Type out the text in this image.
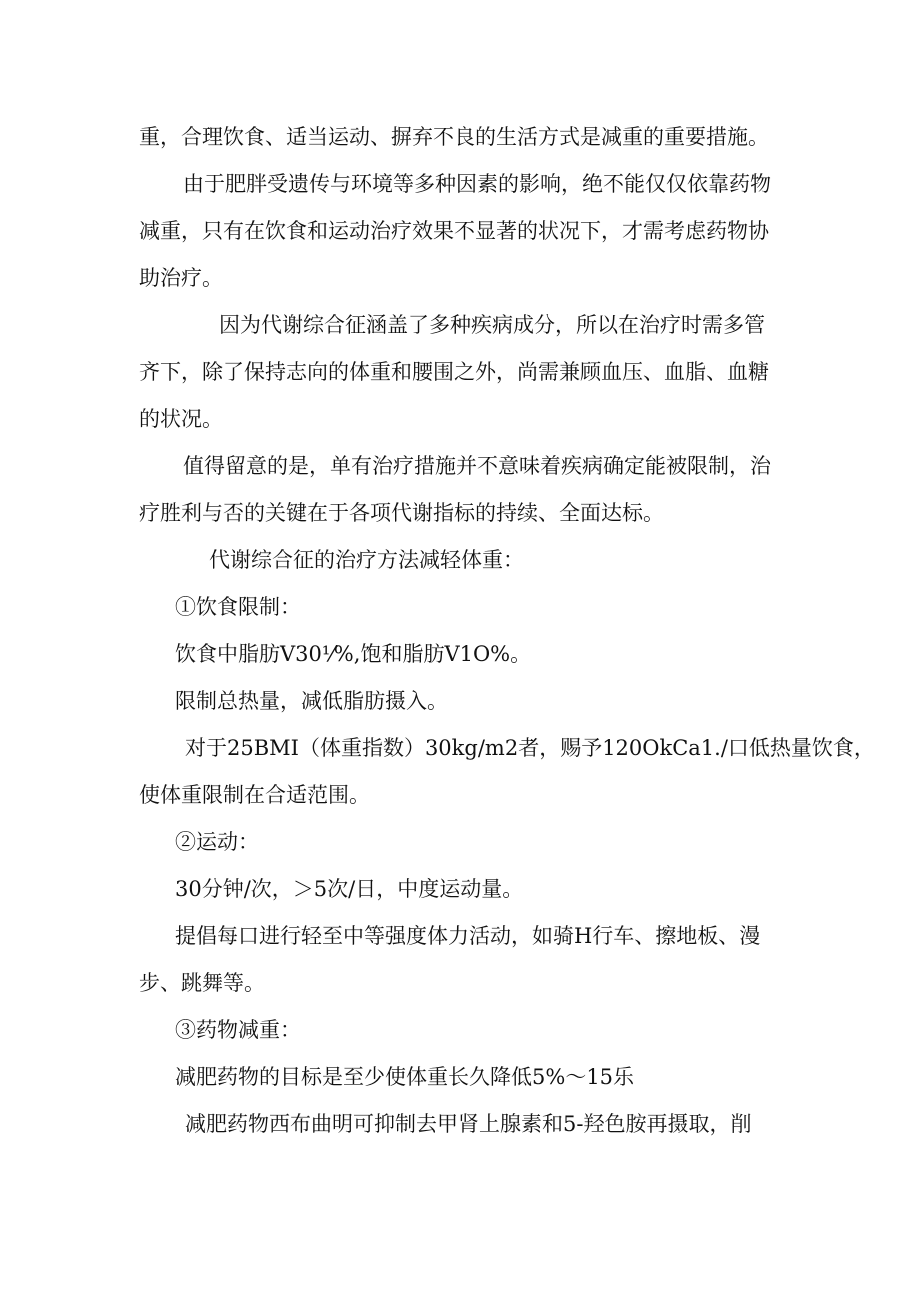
重，合理饮食、适当运动、摒弃不良的生活方式是减重的重要措施。

由于肥胖受遗传与环境等多种因素的影响，绝不能仅仅依靠药物

减重，只有在饮食和运动治疗效果不显著的状况下，才需考虑药物协

助治疗。

因为代谢综合征涵盖了多种疾病成分，所以在治疗时需多管

齐下，除了保持志向的体重和腰围之外，尚需兼顾血压、血脂、血糖

的状况。

值得留意的是，单有治疗措施并不意味着疾病确定能被限制，治

疗胜利与否的关键在于各项代谢指标的持续、全面达标。

代谢综合征的治疗方法减轻体重：

①饮食限制：

饮食中脂肪V30⅟%,饱和脂肪V1O%。

限制总热量，减低脂肪摄入。

对于25BMI（体重指数）30kg/m2者，赐予120OkCa1./口低热量饮食，

使体重限制在合适范围。

②运动：

30分钟/次，＞5次/日，中度运动量。

提倡每口进行轻至中等强度体力活动，如骑H行车、擦地板、漫

步、跳舞等。

③药物减重：

减肥药物的目标是至少使体重长久降低5%～15乐

减肥药物西布曲明可抑制去甲肾上腺素和5-羟色胺再摄取，削
